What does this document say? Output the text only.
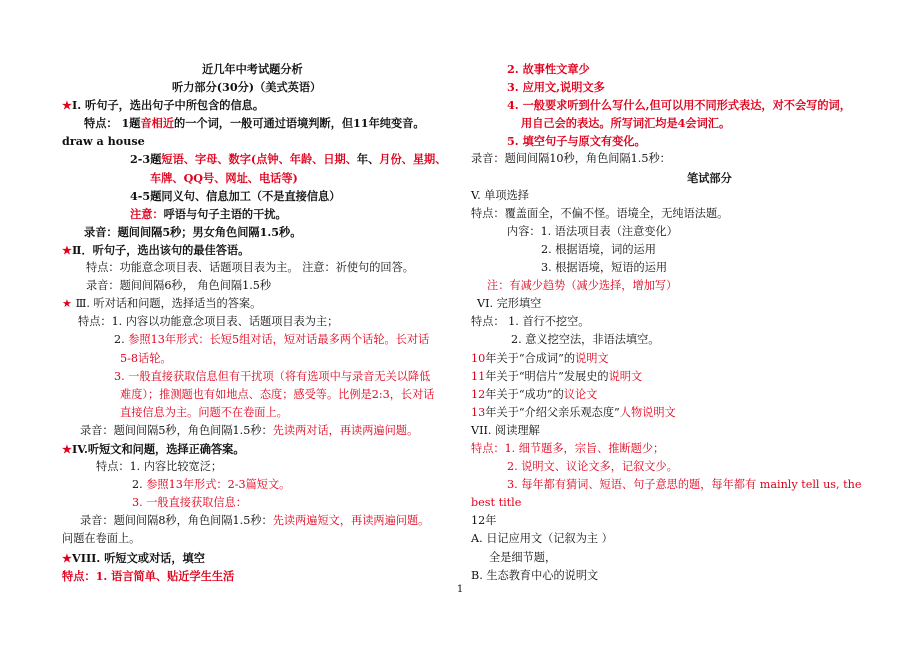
近几年中考试题分析
听力部分(30分)（美式英语）
★I. 听句子，选出句子中所包含的信息。
特点： 1题音相近的一个词，一般可通过语境判断，但11年纯变音。
draw a house
2-3题短语、字母、数字(点钟、年龄、日期、年、月份、星期、
车牌、QQ号、网址、电话等)
4-5题同义句、信息加工（不是直接信息）
注意：呼语与句子主语的干扰。
录音：题间间隔5秒；男女角色间隔1.5秒。
★Ⅱ．听句子，选出该句的最佳答语。
特点：功能意念项目表、话题项目表为主。 注意：祈使句的回答。
录音：题间间隔6秒， 角色间隔1.5秒
★ Ⅲ. 听对话和问题，选择适当的答案。
特点：1. 内容以功能意念项目表、话题项目表为主；
2. 参照13年形式：长短5组对话，短对话最多两个话轮。长对话
5-8话轮。
3. 一般直接获取信息但有干扰项（将有选项中与录音无关以降低
难度）；推测题也有如地点、态度；感受等。比例是2:3，长对话
直接信息为主。问题不在卷面上。
录音：题间间隔5秒，角色间隔1.5秒：先读两对话，再读两遍问题。
★IV.听短文和问题，选择正确答案。
特点：1. 内容比较宽泛；
2. 参照13年形式：2-3篇短文。
3. 一般直接获取信息：
录音：题间间隔8秒，角色间隔1.5秒：先读两遍短文，再读两遍问题。
问题在卷面上。
★VIII. 听短文或对话，填空
特点：1. 语言简单、贴近学生生活
2. 故事性文章少
3. 应用文,说明文多
4. 一般要求听到什么写什么,但可以用不同形式表达，对不会写的词，
用自己会的表达。所写词汇均是4会词汇。
5. 填空句子与原文有变化。
录音：题间间隔10秒，角色间隔1.5秒：
笔试部分
V. 单项选择
特点：覆盖面全，不偏不怪。语境全，无纯语法题。
内容：1. 语法项目表（注意变化）
2. 根据语境，词的运用
3. 根据语境，短语的运用
注：有减少趋势（减少选择，增加写）
VI. 完形填空
特点： 1. 首行不挖空。
2. 意义挖空法，非语法填空。
10年关于“合成词”的说明文
11年关于“明信片”发展史的说明文
12年关于“成功”的议论文
13年关于“介绍父亲乐观态度”人物说明文
VII. 阅读理解
特点：1. 细节题多，宗旨、推断题少；
2. 说明文、议论文多，记叙文少。
3. 每年都有猜词、短语、句子意思的题，每年都有 mainly tell us, the
best title
12年
A. 日记应用文（记叙为主 ）
全是细节题，
B. 生态教育中心的说明文
1
